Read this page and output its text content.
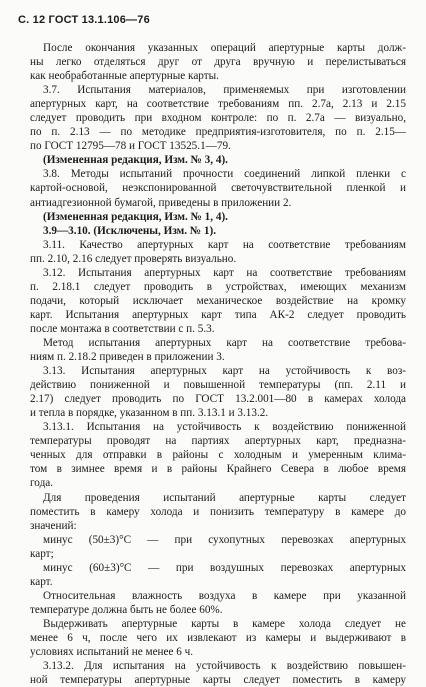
С. 12 ГОСТ 13.1.106—76
После окончания указанных операций апертурные карты долж-
ны легко отделяться друг от друга вручную и перелистываться
как необработанные апертурные карты.
3.7. Испытания материалов, применяемых при изготовлении
апертурных карт, на соответствие требованиям пп. 2.7а, 2.13 и 2.15
следует проводить при входном контроле: по п. 2.7а — визуально,
по п. 2.13 — по методике предприятия-изготовителя, по п. 2.15—
по ГОСТ 12795—78 и ГОСТ 13525.1—79.
(Измененная редакция, Изм. № 3, 4).
3.8. Методы испытаний прочности соединений липкой пленки с
картой-основой, неэкспонированной светочувствительной пленкой и
антиадгезионной бумагой, приведены в приложении 2.
(Измененная редакция, Изм. № 1, 4).
3.9—3.10. (Исключены, Изм. № 1).
3.11. Качество апертурных карт на соответствие требованиям
пп. 2.10, 2.16 следует проверять визуально.
3.12. Испытания апертурных карт на соответствие требованиям
п. 2.18.1 следует проводить в устройствах, имеющих механизм
подачи, который исключает механическое воздействие на кромку
карт. Испытания апертурных карт типа АК-2 следует проводить
после монтажа в соответствии с п. 5.3.
Метод испытания апертурных карт на соответствие требова-
ниям п. 2.18.2 приведен в приложении 3.
3.13. Испытания апертурных карт на устойчивость к воз-
действию пониженной и повышенной температуры (пп. 2.11 и
2.17) следует проводить по ГОСТ 13.2.001—80 в камерах холода
и тепла в порядке, указанном в пп. 3.13.1 и 3.13.2.
3.13.1. Испытания на устойчивость к воздействию пониженной
температуры проводят на партиях апертурных карт, предназна-
ченных для отправки в районы с холодным и умеренным клима-
том в зимнее время и в районы Крайнего Севера в любое время
года.
Для проведения испытаний апертурные карты следует
поместить в камеру холода и понизить температуру в камере до
значений:
минус (50±3)°С — при сухопутных перевозках апертурных
карт;
минус (60±3)°С — при воздушных перевозках апертурных
карт.
Относительная влажность воздуха в камере при указанной
температуре должна быть не более 60%.
Выдерживать апертурные карты в камере холода следует не
менее 6 ч, после чего их извлекают из камеры и выдерживают в
условиях испытаний не менее 6 ч.
3.13.2. Для испытания на устойчивость к воздействию повышен-
ной температуры апертурные карты следует поместить в камеру
